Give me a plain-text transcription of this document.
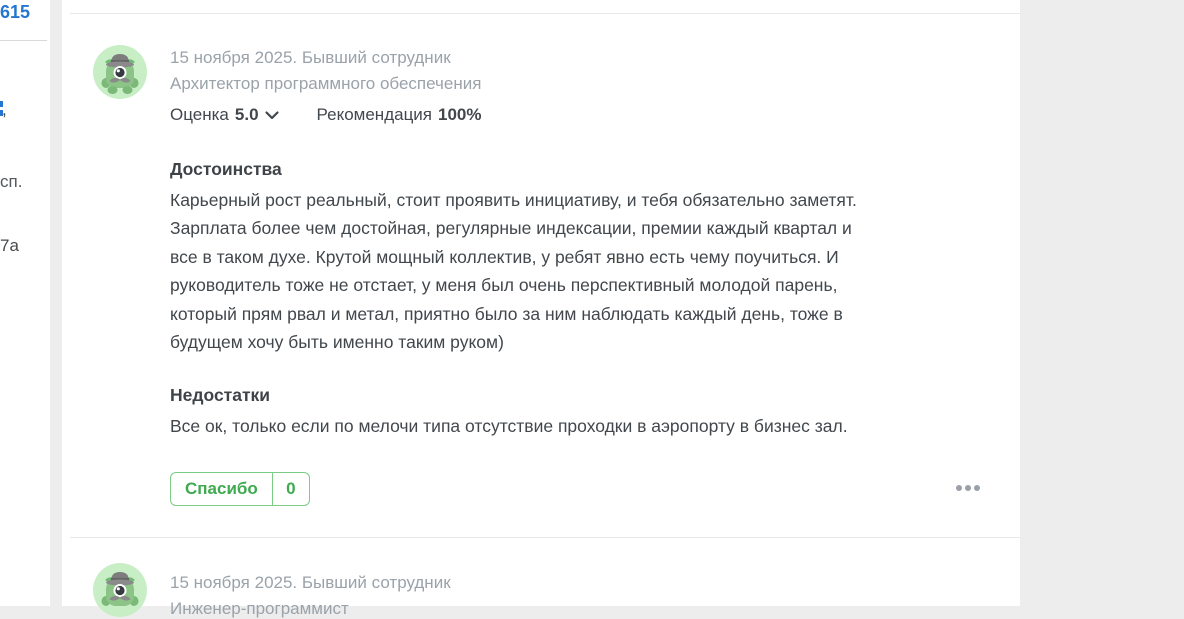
615
,
сп.
7а
15 ноября 2025. Бывший сотрудник
Архитектор программного обеспечения
Оценка 5.0	Рекомендация 100%
Достоинства
Карьерный рост реальный, стоит проявить инициативу, и тебя обязательно заметят. Зарплата более чем достойная, регулярные индексации, премии каждый квартал и все в таком духе. Крутой мощный коллектив, у ребят явно есть чему поучиться. И руководитель тоже не отстает, у меня был очень перспективный молодой парень, который прям рвал и метал, приятно было за ним наблюдать каждый день, тоже в будущем хочу быть именно таким руком)
Недостатки
Все ок, только если по мелочи типа отсутствие проходки в аэропорту в бизнес зал.
Спасибо	0
15 ноября 2025. Бывший сотрудник
Инженер-программист
